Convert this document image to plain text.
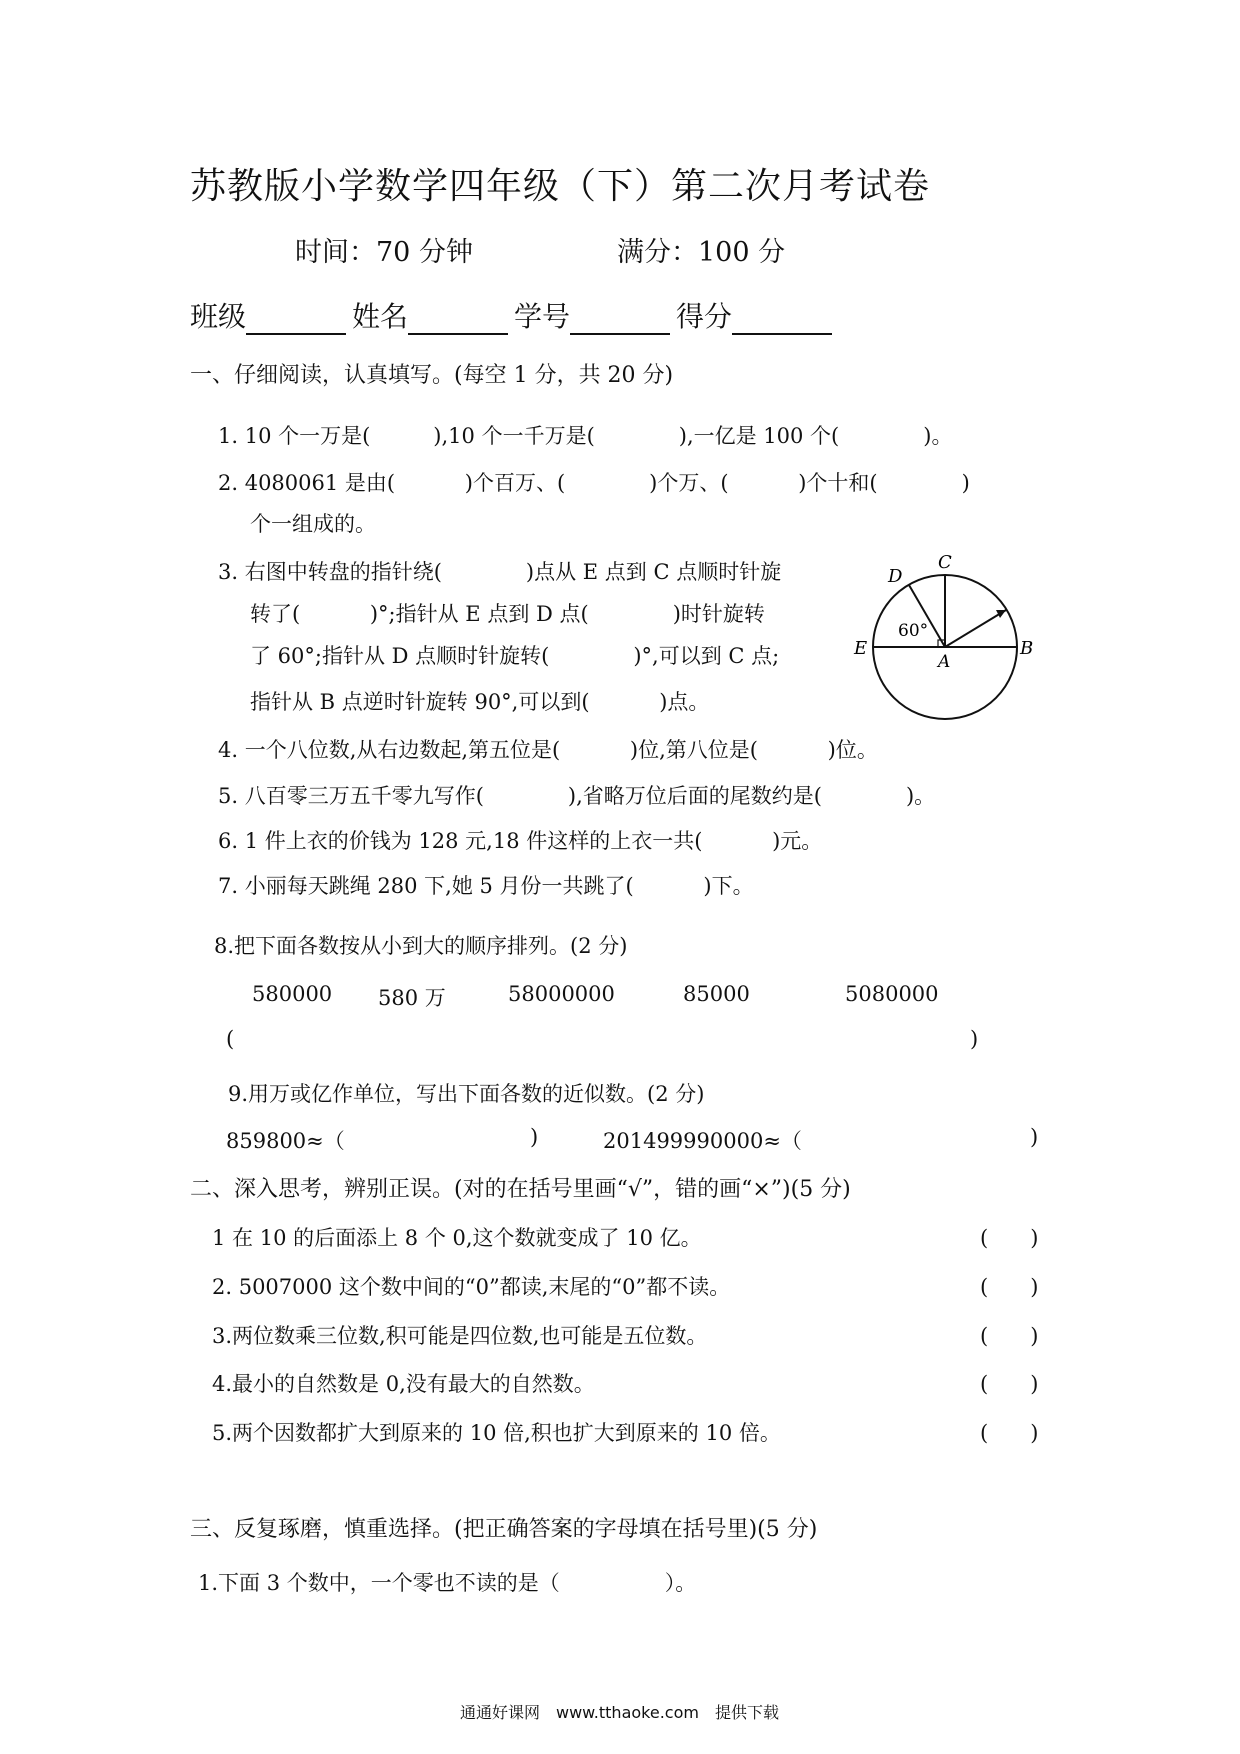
苏教版小学数学四年级（下）第二次月考试卷
时间：70 分钟	满分：100 分
班级	姓名	学号	得分
一、仔细阅读，认真填写。(每空 1 分，共 20 分)
1. 10 个一万是(　　　),10 个一千万是(　　　　),一亿是 100 个(　　　　)。
2. 4080061 是由(　　　 )个百万、(　　　　)个万、(　　　 )个十和(　　　　)
个一组成的。
3. 右图中转盘的指针绕(　　　　)点从 E 点到 C 点顺时针旋
转了(　　　 )°;指针从 E 点到 D 点(　　　　)时针旋转
了 60°;指针从 D 点顺时针旋转(　　　　)°,可以到 C 点;
指针从 B 点逆时针旋转 90°,可以到(　　　 )点。
60°
C
D
E	B
A
4. 一个八位数,从右边数起,第五位是(　　　 )位,第八位是(　　　 )位。
5. 八百零三万五千零九写作(　　　　),省略万位后面的尾数约是(　　　　)。
6. 1 件上衣的价钱为 128 元,18 件这样的上衣一共(　　　 )元。
7. 小丽每天跳绳 280 下,她 5 月份一共跳了(　　　 )下。
8.把下面各数按从小到大的顺序排列。(2 分)
580000 580 万	58000000	85000	5080000
(	)
9.用万或亿作单位，写出下面各数的近似数。(2 分)
859800≈（	)	201499990000≈（	)
二、深入思考，辨别正误。(对的在括号里画“√”，错的画“×”)(5 分)
1 在 10 的后面添上 8 个 0,这个数就变成了 10 亿。	(　　)
2. 5007000 这个数中间的“0”都读,末尾的“0”都不读。	(　　)
3.两位数乘三位数,积可能是四位数,也可能是五位数。	(　　)
4.最小的自然数是 0,没有最大的自然数。	(　　)
5.两个因数都扩大到原来的 10 倍,积也扩大到原来的 10 倍。	(　　)
三、反复琢磨，慎重选择。(把正确答案的字母填在括号里)(5 分)
1.下面 3 个数中，一个零也不读的是（　　　　　）。
通通好课网　www.tthaoke.com　提供下载
